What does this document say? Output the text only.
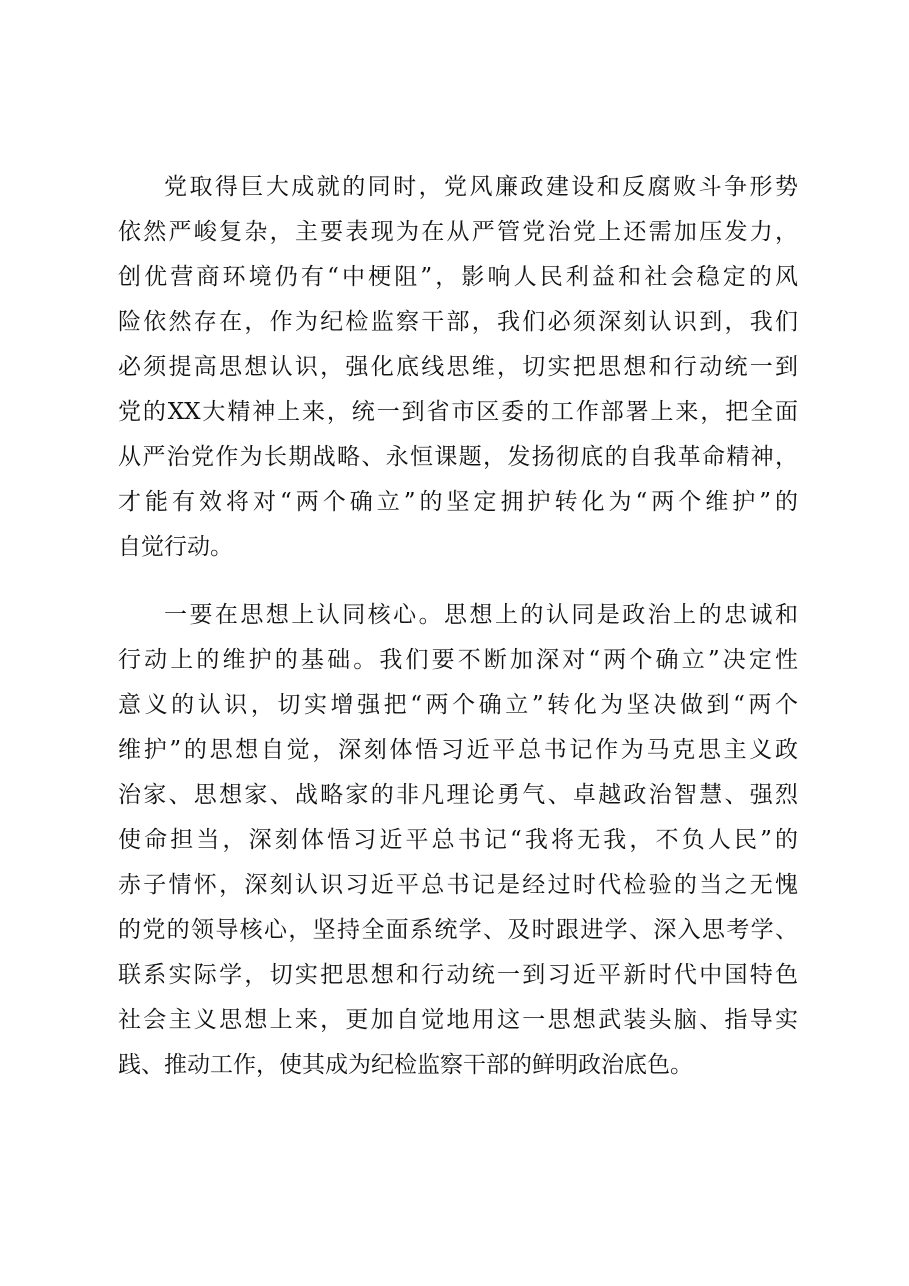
党取得巨大成就的同时，党风廉政建设和反腐败斗争形势
依然严峻复杂，主要表现为在从严管党治党上还需加压发力，
创优营商环境仍有“中梗阻”，影响人民利益和社会稳定的风
险依然存在，作为纪检监察干部，我们必须深刻认识到，我们
必须提高思想认识，强化底线思维，切实把思想和行动统一到
党的XX大精神上来，统一到省市区委的工作部署上来，把全面
从严治党作为长期战略、永恒课题，发扬彻底的自我革命精神，
才能有效将对“两个确立”的坚定拥护转化为“两个维护”的
自觉行动。
一要在思想上认同核心。思想上的认同是政治上的忠诚和
行动上的维护的基础。我们要不断加深对“两个确立”决定性
意义的认识，切实增强把“两个确立”转化为坚决做到“两个
维护”的思想自觉，深刻体悟习近平总书记作为马克思主义政
治家、思想家、战略家的非凡理论勇气、卓越政治智慧、强烈
使命担当，深刻体悟习近平总书记“我将无我，不负人民”的
赤子情怀，深刻认识习近平总书记是经过时代检验的当之无愧
的党的领导核心，坚持全面系统学、及时跟进学、深入思考学、
联系实际学，切实把思想和行动统一到习近平新时代中国特色
社会主义思想上来，更加自觉地用这一思想武装头脑、指导实
践、推动工作，使其成为纪检监察干部的鲜明政治底色。
